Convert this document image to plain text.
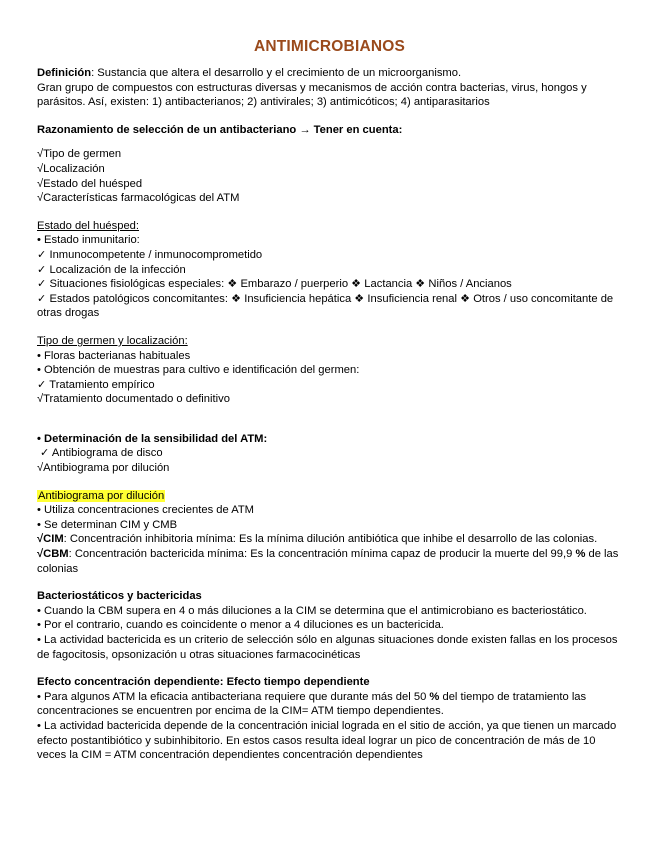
ANTIMICROBIANOS

Definición: Sustancia que altera el desarrollo y el crecimiento de un microorganismo.

Gran grupo de compuestos con estructuras diversas y mecanismos de acción contra bacterias, virus, hongos y parásitos. Así, existen: 1) antibacterianos; 2) antivirales; 3) antimicóticos; 4) antiparasitarios

Razonamiento de selección de un antibacteriano → Tener en cuenta:

√Tipo de germen

√Localización

√Estado del huésped

√Características farmacológicas del ATM

Estado del huésped:

• Estado inmunitario:

✓ Inmunocompetente / inmunocomprometido

✓ Localización de la infección

✓ Situaciones fisiológicas especiales: ❖ Embarazo / puerperio ❖ Lactancia ❖ Niños / Ancianos

✓ Estados patológicos concomitantes: ❖ Insuficiencia hepática ❖ Insuficiencia renal ❖ Otros / uso concomitante de otras drogas

Tipo de germen y localización:

• Floras bacterianas habituales

• Obtención de muestras para cultivo e identificación del germen:

✓ Tratamiento empírico

√Tratamiento documentado o definitivo

• Determinación de la sensibilidad del ATM:

✓ Antibiograma de disco

√Antibiograma por dilución

Antibiograma por dilución

• Utiliza concentraciones crecientes de ATM

• Se determinan CIM y CMB

√CIM: Concentración inhibitoria mínima: Es la mínima dilución antibiótica que inhibe el desarrollo de las colonias.

√CBM: Concentración bactericida mínima: Es la concentración mínima capaz de producir la muerte del 99,9 % de las colonias

Bacteriostáticos y bactericidas

• Cuando la CBM supera en 4 o más diluciones a la CIM se determina que el antimicrobiano es bacteriostático.

• Por el contrario, cuando es coincidente o menor a 4 diluciones es un bactericida.

• La actividad bactericida es un criterio de selección sólo en algunas situaciones donde existen fallas en los procesos de fagocitosis, opsonización u otras situaciones farmacocinéticas

Efecto concentración dependiente: Efecto tiempo dependiente

• Para algunos ATM la eficacia antibacteriana requiere que durante más del 50 % del tiempo de tratamiento las concentraciones se encuentren por encima de la CIM= ATM tiempo dependientes.

• La actividad bactericida depende de la concentración inicial lograda en el sitio de acción, ya que tienen un marcado efecto postantibiótico y subinhibitorio. En estos casos resulta ideal lograr un pico de concentración de más de 10 veces la CIM = ATM concentración dependientes concentración dependientes
